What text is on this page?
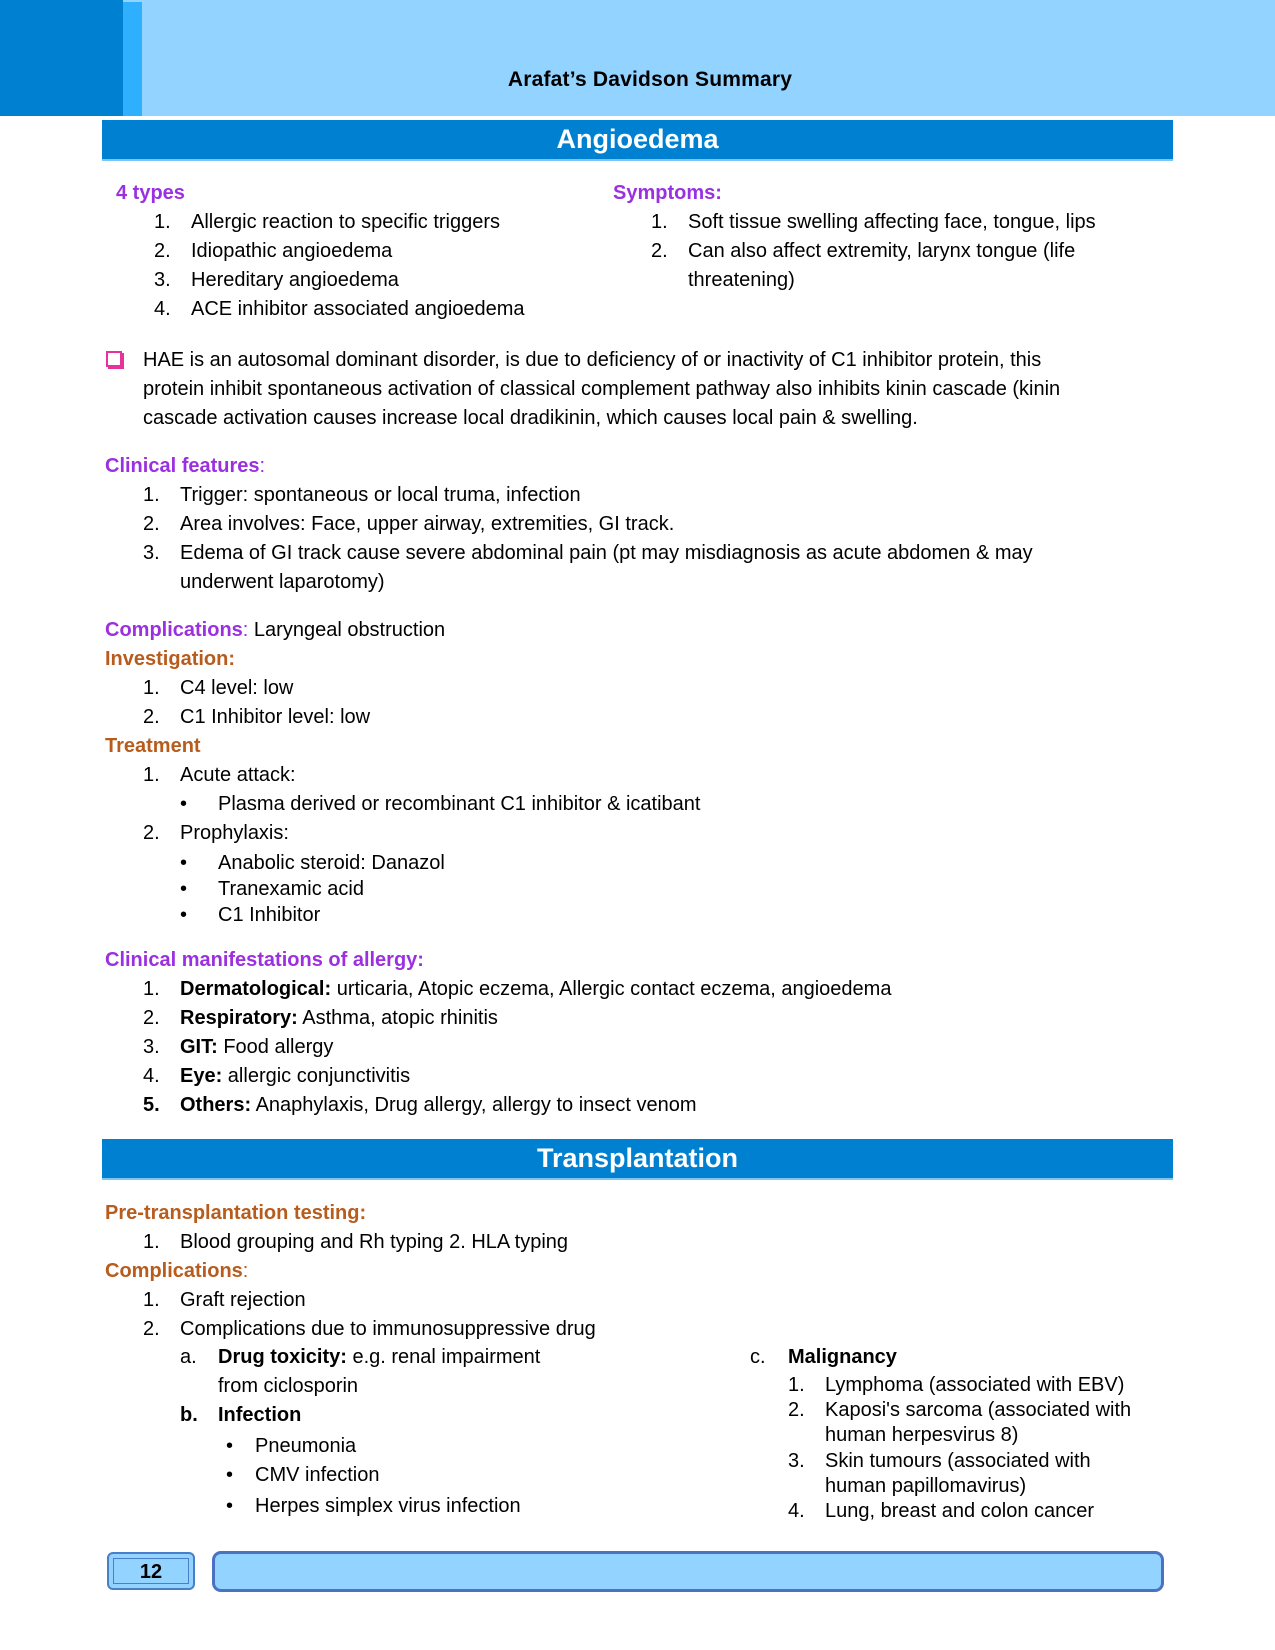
Arafat’s Davidson Summary
Angioedema
4 types
1. Allergic reaction to specific triggers
2. Idiopathic angioedema
3. Hereditary angioedema
4. ACE inhibitor associated angioedema
Symptoms:
1. Soft tissue swelling affecting face, tongue, lips
2. Can also affect extremity, larynx tongue (life
threatening)
HAE is an autosomal dominant disorder, is due to deficiency of or inactivity of C1 inhibitor protein, this
protein inhibit spontaneous activation of classical complement pathway also inhibits kinin cascade (kinin
cascade activation causes increase local dradikinin, which causes local pain & swelling.
Clinical features:
1. Trigger: spontaneous or local truma, infection
2. Area involves: Face, upper airway, extremities, GI track.
3. Edema of GI track cause severe abdominal pain (pt may misdiagnosis as acute abdomen & may
underwent laparotomy)
Complications: Laryngeal obstruction
Investigation:
1. C4 level: low
2. C1 Inhibitor level: low
Treatment
1. Acute attack:
• Plasma derived or recombinant C1 inhibitor & icatibant
2. Prophylaxis:
• Anabolic steroid: Danazol
• Tranexamic acid
• C1 Inhibitor
Clinical manifestations of allergy:
1. Dermatological: urticaria, Atopic eczema, Allergic contact eczema, angioedema
2. Respiratory: Asthma, atopic rhinitis
3. GIT: Food allergy
4. Eye: allergic conjunctivitis
5. Others: Anaphylaxis, Drug allergy, allergy to insect venom
Transplantation
Pre-transplantation testing:
1. Blood grouping and Rh typing 2. HLA typing
Complications:
1. Graft rejection
2. Complications due to immunosuppressive drug
a. Drug toxicity: e.g. renal impairment
from ciclosporin
b. Infection
• Pneumonia
• CMV infection
• Herpes simplex virus infection
c. Malignancy
1. Lymphoma (associated with EBV)
2. Kaposi's sarcoma (associated with
human herpesvirus 8)
3. Skin tumours (associated with
human papillomavirus)
4. Lung, breast and colon cancer
12
